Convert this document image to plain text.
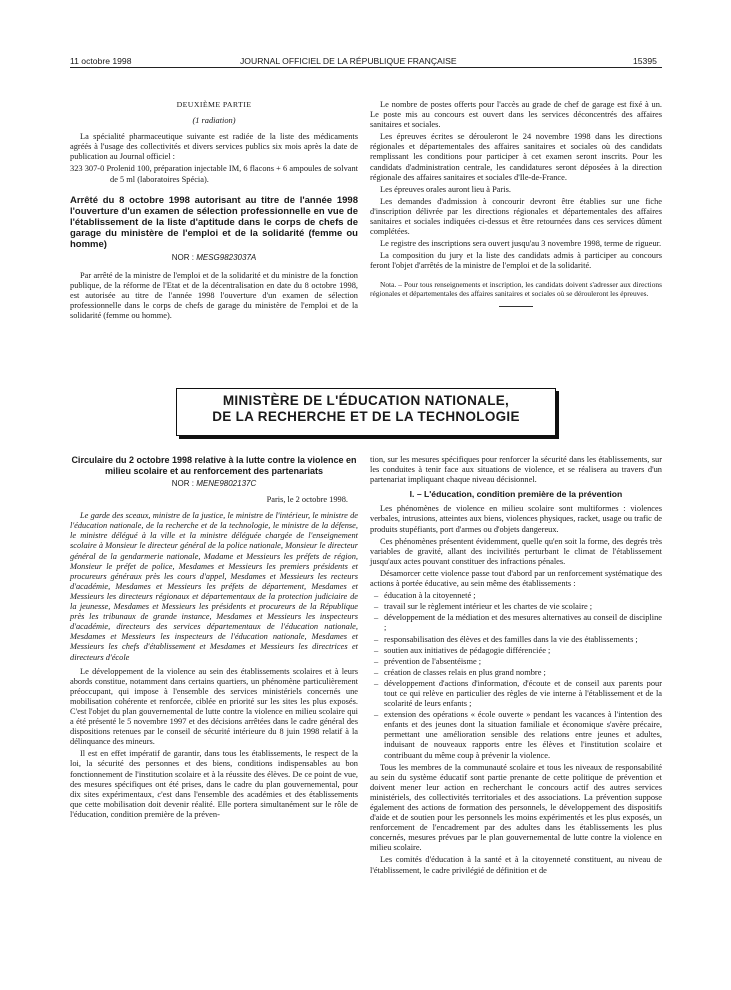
11 octobre 1998	JOURNAL OFFICIEL DE LA RÉPUBLIQUE FRANÇAISE	15395
DEUXIÈME PARTIE
(1 radiation)

La spécialité pharmaceutique suivante est radiée de la liste des médicaments agréés à l'usage des collectivités et divers services publics six mois après la date de publication au Journal officiel :

323 307-0 Prolenid 100, préparation injectable IM, 6 flacons + 6 ampoules de solvant de 5 ml (laboratoires Spécia).

Arrêté du 8 octobre 1998 autorisant au titre de l'année 1998 l'ouverture d'un examen de sélection professionnelle en vue de l'établissement de la liste d'aptitude dans le corps de chefs de garage du ministère de l'emploi et de la solidarité (femme ou homme)
NOR : MESG9823037A

Par arrêté de la ministre de l'emploi et de la solidarité et du ministre de la fonction publique, de la réforme de l'Etat et de la décentralisation en date du 8 octobre 1998, est autorisée au titre de l'année 1998 l'ouverture d'un examen de sélection professionnelle dans le corps de chefs de garage du ministère de l'emploi et de la solidarité (femme ou homme).

Le nombre de postes offerts pour l'accès au grade de chef de garage est fixé à un. Le poste mis au concours est ouvert dans les services déconcentrés des affaires sanitaires et sociales.

Les épreuves écrites se dérouleront le 24 novembre 1998 dans les directions régionales et départementales des affaires sanitaires et sociales où des candidats remplissant les conditions pour participer à cet examen seront inscrits. Pour les candidats d'administration centrale, les candidatures seront déposées à la direction régionale des affaires sanitaires et sociales d'Ile-de-France.

Les épreuves orales auront lieu à Paris.

Les demandes d'admission à concourir devront être établies sur une fiche d'inscription délivrée par les directions régionales et départementales des affaires sanitaires et sociales indiquées ci-dessus et être retournées dans ces services dûment complétées.

Le registre des inscriptions sera ouvert jusqu'au 3 novembre 1998, terme de rigueur.

La composition du jury et la liste des candidats admis à participer au concours feront l'objet d'arrêtés de la ministre de l'emploi et de la solidarité.

Nota. – Pour tous renseignements et inscription, les candidats doivent s'adresser aux directions régionales et départementales des affaires sanitaires et sociales où se dérouleront les épreuves.

MINISTÈRE DE L'ÉDUCATION NATIONALE,
DE LA RECHERCHE ET DE LA TECHNOLOGIE
Circulaire du 2 octobre 1998 relative à la lutte contre la violence en milieu scolaire et au renforcement des partenariats
NOR : MENE9802137C
Paris, le 2 octobre 1998.

Le garde des sceaux, ministre de la justice, le ministre de l'intérieur, le ministre de l'éducation nationale, de la recherche et de la technologie, le ministre de la défense, le ministre délégué à la ville et la ministre déléguée chargée de l'enseignement scolaire à Monsieur le directeur général de la police nationale, Monsieur le directeur général de la gendarmerie nationale, Madame et Messieurs les préfets de région, Monsieur le préfet de police, Mesdames et Messieurs les premiers présidents et procureurs généraux près les cours d'appel, Mesdames et Messieurs les recteurs d'académie, Mesdames et Messieurs les préfets de département, Mesdames et Messieurs les directeurs régionaux et départementaux de la protection judiciaire de la jeunesse, Mesdames et Messieurs les présidents et procureurs de la République près les tribunaux de grande instance, Mesdames et Messieurs les inspecteurs d'académie, directeurs des services départementaux de l'éducation nationale, Mesdames et Messieurs les inspecteurs de l'éducation nationale, Mesdames et Messieurs les chefs d'établissement et Mesdames et Messieurs les directrices et directeurs d'école

Le développement de la violence au sein des établissements scolaires et à leurs abords constitue, notamment dans certains quartiers, un phénomène particulièrement préoccupant, qui impose à l'ensemble des services ministériels concernés une mobilisation cohérente et renforcée, ciblée en priorité sur les sites les plus exposés. C'est l'objet du plan gouvernemental de lutte contre la violence en milieu scolaire qui a été présenté le 5 novembre 1997 et des décisions arrêtées dans le cadre général des dispositions retenues par le conseil de sécurité intérieure du 8 juin 1998 relatif à la délinquance des mineurs.

Il est en effet impératif de garantir, dans tous les établissements, le respect de la loi, la sécurité des personnes et des biens, conditions indispensables au bon fonctionnement de l'institution scolaire et à la réussite des élèves. De ce point de vue, des mesures spécifiques ont été prises, dans le cadre du plan gouvernemental, pour dix sites expérimentaux, c'est dans l'ensemble des académies et des établissements que cette mobilisation doit devenir réalité. Elle portera simultanément sur le rôle de l'éducation, condition première de la préven-

tion, sur les mesures spécifiques pour renforcer la sécurité dans les établissements, sur les conduites à tenir face aux situations de violence, et se réalisera au travers d'un partenariat impliquant chaque niveau décisionnel.

I. – L'éducation, condition première de la prévention

Les phénomènes de violence en milieu scolaire sont multiformes : violences verbales, intrusions, atteintes aux biens, violences physiques, racket, usage ou trafic de produits stupéfiants, port d'armes ou d'objets dangereux.

Ces phénomènes présentent évidemment, quelle qu'en soit la forme, des degrés très variables de gravité, allant des incivilités perturbant le climat de l'établissement jusqu'aux actes pouvant constituer des infractions pénales.

Désamorcer cette violence passe tout d'abord par un renforcement systématique des actions à portée éducative, au sein même des établissements :

– éducation à la citoyenneté ;
– travail sur le règlement intérieur et les chartes de vie scolaire ;
– développement de la médiation et des mesures alternatives au conseil de discipline ;
– responsabilisation des élèves et des familles dans la vie des établissements ;
– soutien aux initiatives de pédagogie différenciée ;
– prévention de l'absentéisme ;
– création de classes relais en plus grand nombre ;
– développement d'actions d'information, d'écoute et de conseil aux parents pour tout ce qui relève en particulier des règles de vie interne à l'établissement et de la scolarité de leurs enfants ;
– extension des opérations « école ouverte » pendant les vacances à l'intention des enfants et des jeunes dont la situation familiale et économique s'avère précaire, permettant une amélioration sensible des relations entre jeunes et adultes, induisant de nouveaux rapports entre les élèves et l'institution scolaire et contribuant du même coup à prévenir la violence.

Tous les membres de la communauté scolaire et tous les niveaux de responsabilité au sein du système éducatif sont partie prenante de cette politique de prévention et doivent mener leur action en recherchant le concours actif des autres services ministériels, des collectivités territoriales et des associations. La prévention suppose également des actions de formation des personnels, le développement des dispositifs d'aide et de soutien pour les personnels les moins expérimentés et les plus exposés, un renforcement de l'encadrement par des adultes dans les établissements les plus concernés, mesures prévues par le plan gouvernemental de lutte contre la violence en milieu scolaire.

Les comités d'éducation à la santé et à la citoyenneté constituent, au niveau de l'établissement, le cadre privilégié de définition et de
